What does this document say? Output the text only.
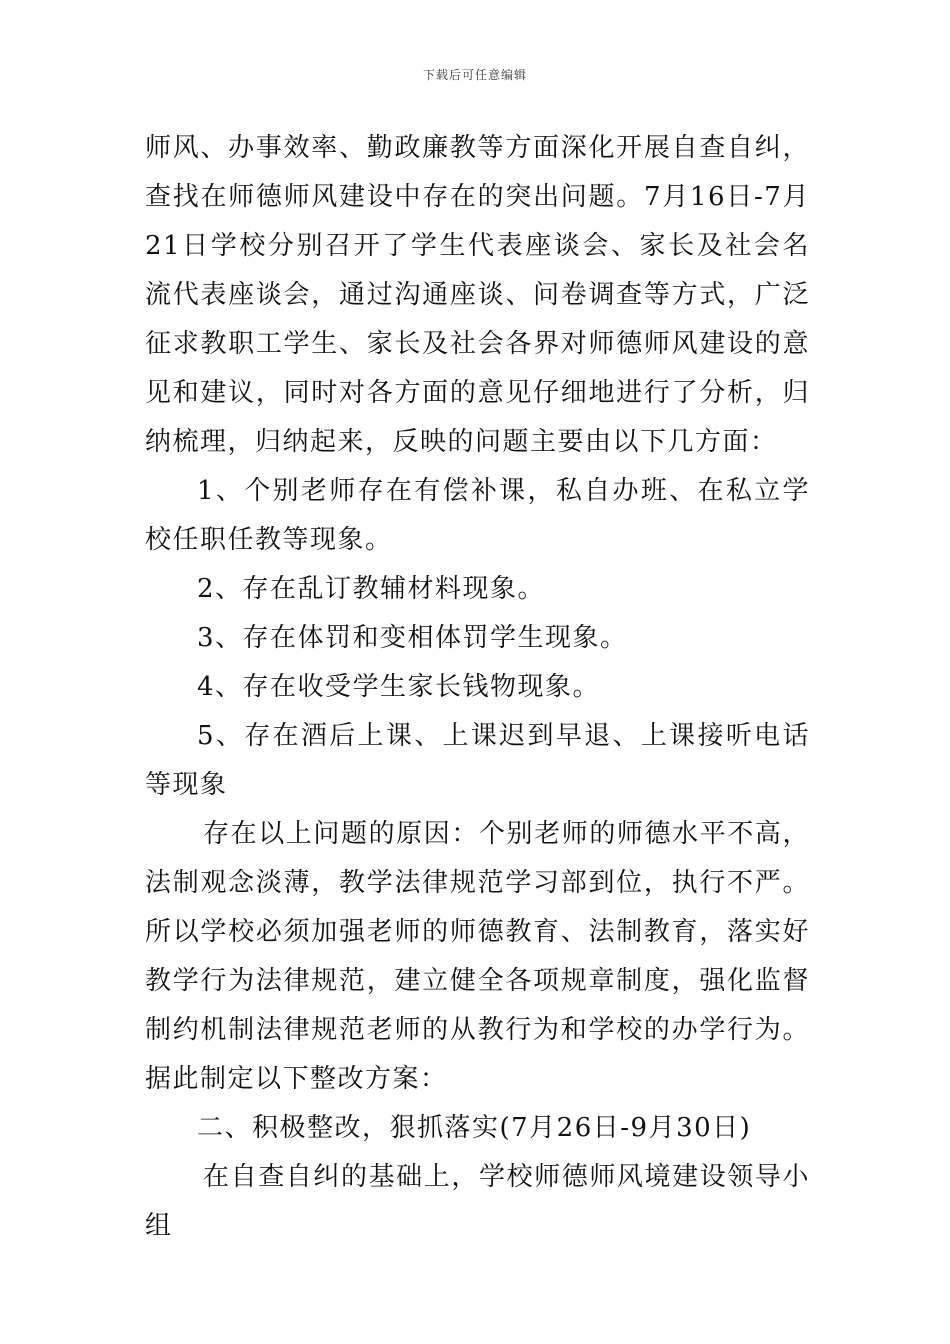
下载后可任意编辑

师风、办事效率、勤政廉教等方面深化开展自查自纠，查找在师德师风建设中存在的突出问题。7月16日-7月21日学校分别召开了学生代表座谈会、家长及社会名流代表座谈会，通过沟通座谈、问卷调查等方式，广泛征求教职工学生、家长及社会各界对师德师风建设的意见和建议，同时对各方面的意见仔细地进行了分析，归纳梳理，归纳起来，反映的问题主要由以下几方面：

1、个别老师存在有偿补课，私自办班、在私立学校任职任教等现象。

2、存在乱订教辅材料现象。

3、存在体罚和变相体罚学生现象。

4、存在收受学生家长钱物现象。

5、存在酒后上课、上课迟到早退、上课接听电话等现象

存在以上问题的原因：个别老师的师德水平不高，法制观念淡薄，教学法律规范学习部到位，执行不严。所以学校必须加强老师的师德教育、法制教育，落实好教学行为法律规范，建立健全各项规章制度，强化监督制约机制法律规范老师的从教行为和学校的办学行为。据此制定以下整改方案：

二、积极整改，狠抓落实(7月26日-9月30日)

在自查自纠的基础上，学校师德师风境建设领导小组
